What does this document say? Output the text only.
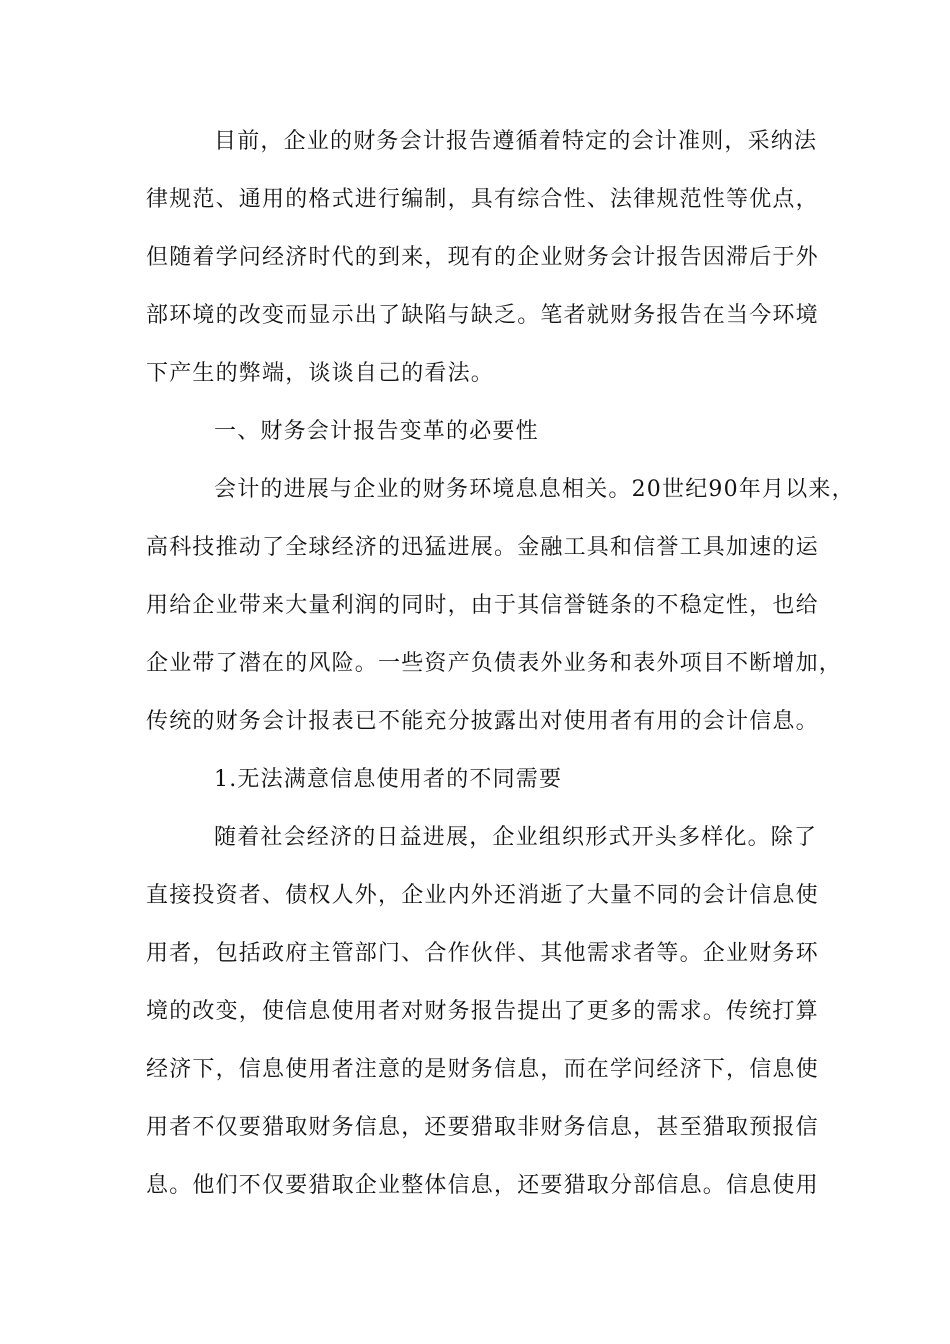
目前，企业的财务会计报告遵循着特定的会计准则，采纳法
律规范、通用的格式进行编制，具有综合性、法律规范性等优点，
但随着学问经济时代的到来，现有的企业财务会计报告因滞后于外
部环境的改变而显示出了缺陷与缺乏。笔者就财务报告在当今环境
下产生的弊端，谈谈自己的看法。
一、财务会计报告变革的必要性
会计的进展与企业的财务环境息息相关。20世纪90年月以来，
高科技推动了全球经济的迅猛进展。金融工具和信誉工具加速的运
用给企业带来大量利润的同时，由于其信誉链条的不稳定性，也给
企业带了潜在的风险。一些资产负债表外业务和表外项目不断增加，
传统的财务会计报表已不能充分披露出对使用者有用的会计信息。
1.无法满意信息使用者的不同需要
随着社会经济的日益进展，企业组织形式开头多样化。除了
直接投资者、债权人外，企业内外还消逝了大量不同的会计信息使
用者，包括政府主管部门、合作伙伴、其他需求者等。企业财务环
境的改变，使信息使用者对财务报告提出了更多的需求。传统打算
经济下，信息使用者注意的是财务信息，而在学问经济下，信息使
用者不仅要猎取财务信息，还要猎取非财务信息，甚至猎取预报信
息。他们不仅要猎取企业整体信息，还要猎取分部信息。信息使用
